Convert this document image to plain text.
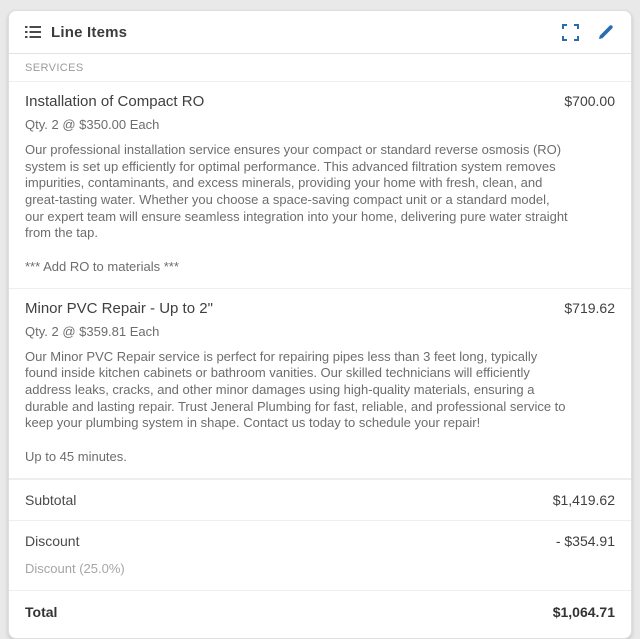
Line Items
SERVICES
Installation of Compact RO	$700.00
Qty. 2 @ $350.00 Each
Our professional installation service ensures your compact or standard reverse osmosis (RO) system is set up efficiently for optimal performance. This advanced filtration system removes impurities, contaminants, and excess minerals, providing your home with fresh, clean, and great-tasting water. Whether you choose a space-saving compact unit or a standard model, our expert team will ensure seamless integration into your home, delivering pure water straight from the tap.
*** Add RO to materials ***
Minor PVC Repair - Up to 2"	$719.62
Qty. 2 @ $359.81 Each
Our Minor PVC Repair service is perfect for repairing pipes less than 3 feet long, typically found inside kitchen cabinets or bathroom vanities. Our skilled technicians will efficiently address leaks, cracks, and other minor damages using high-quality materials, ensuring a durable and lasting repair. Trust Jeneral Plumbing for fast, reliable, and professional service to keep your plumbing system in shape. Contact us today to schedule your repair!
Up to 45 minutes.
Subtotal	$1,419.62
Discount	- $354.91
Discount (25.0%)
Total	$1,064.71
